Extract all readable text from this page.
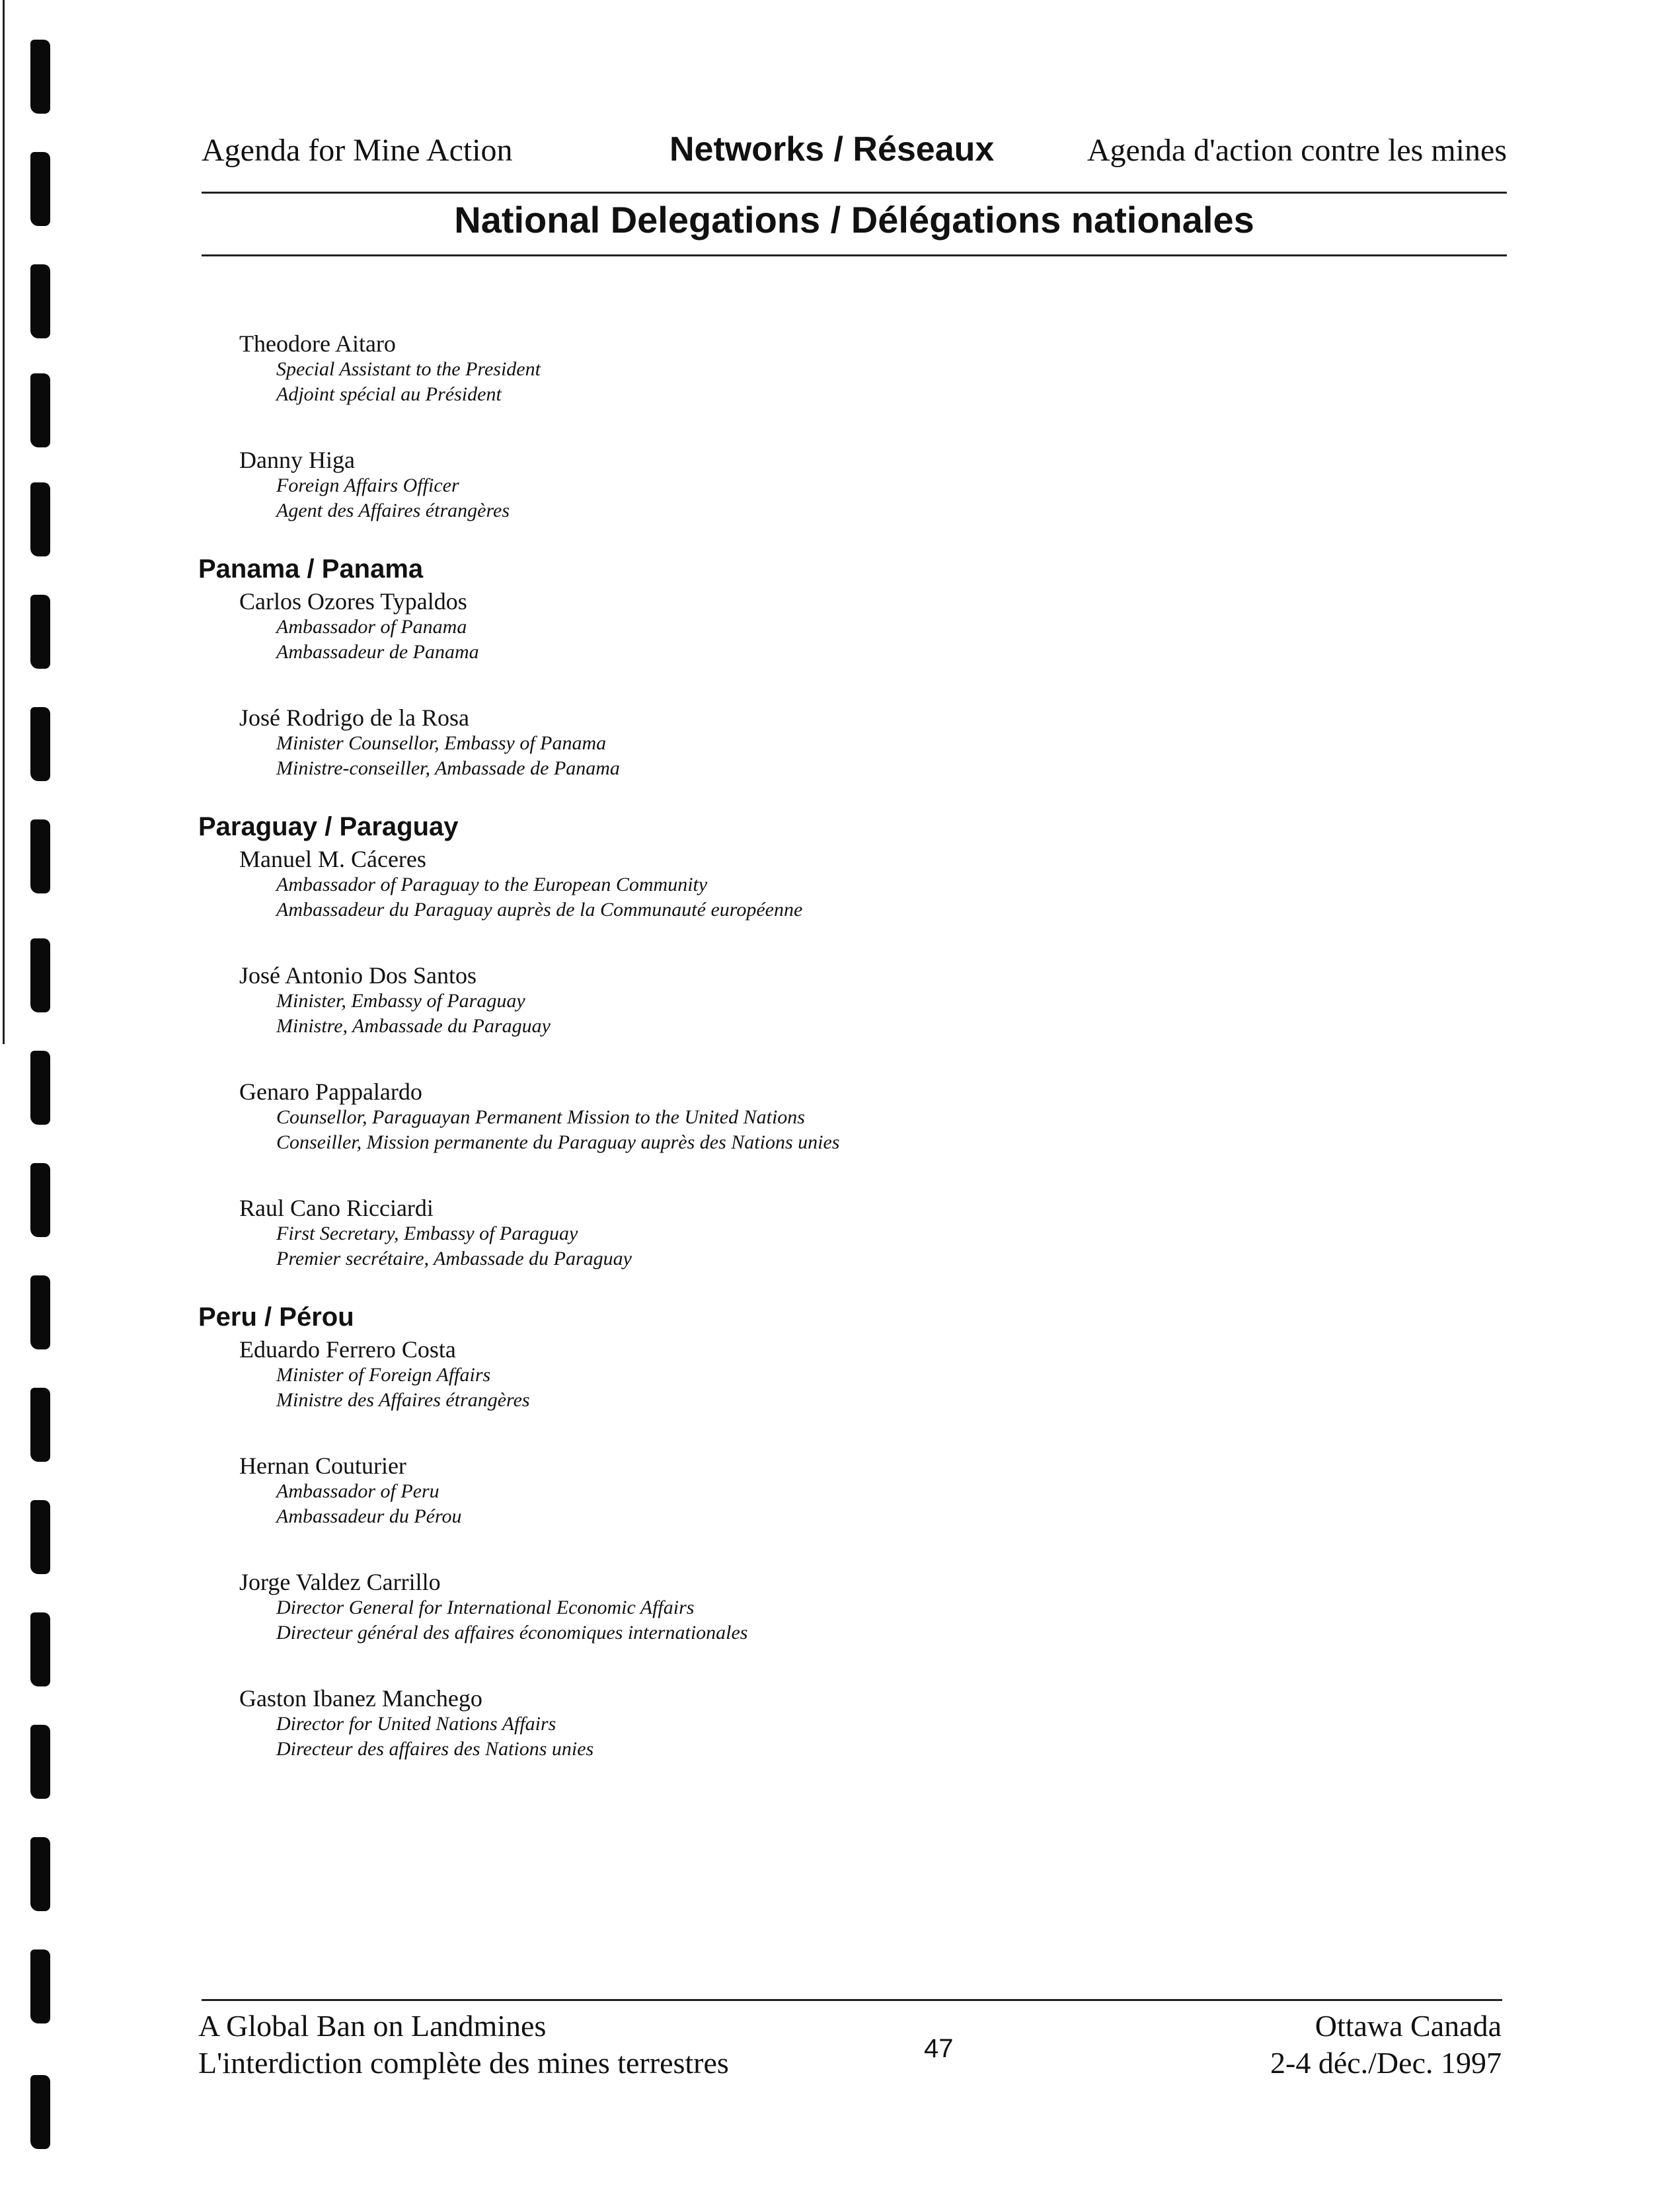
Agenda for Mine Action	Networks / Réseaux	Agenda d'action contre les mines
National Delegations / Délégations nationales
Theodore Aitaro
Special Assistant to the President
Adjoint spécial au Président
Danny Higa
Foreign Affairs Officer
Agent des Affaires étrangères
Panama / Panama
Carlos Ozores Typaldos
Ambassador of Panama
Ambassadeur de Panama
José Rodrigo de la Rosa
Minister Counsellor, Embassy of Panama
Ministre-conseiller, Ambassade de Panama
Paraguay / Paraguay
Manuel M. Cáceres
Ambassador of Paraguay to the European Community
Ambassadeur du Paraguay auprès de la Communauté européenne
José Antonio Dos Santos
Minister, Embassy of Paraguay
Ministre, Ambassade du Paraguay
Genaro Pappalardo
Counsellor, Paraguayan Permanent Mission to the United Nations
Conseiller, Mission permanente du Paraguay auprès des Nations unies
Raul Cano Ricciardi
First Secretary, Embassy of Paraguay
Premier secrétaire, Ambassade du Paraguay
Peru / Pérou
Eduardo Ferrero Costa
Minister of Foreign Affairs
Ministre des Affaires étrangères
Hernan Couturier
Ambassador of Peru
Ambassadeur du Pérou
Jorge Valdez Carrillo
Director General for International Economic Affairs
Directeur général des affaires économiques internationales
Gaston Ibanez Manchego
Director for United Nations Affairs
Directeur des affaires des Nations unies
A Global Ban on Landmines
L'interdiction complète des mines terrestres	47
Ottawa Canada
2-4 déc./Dec. 1997
